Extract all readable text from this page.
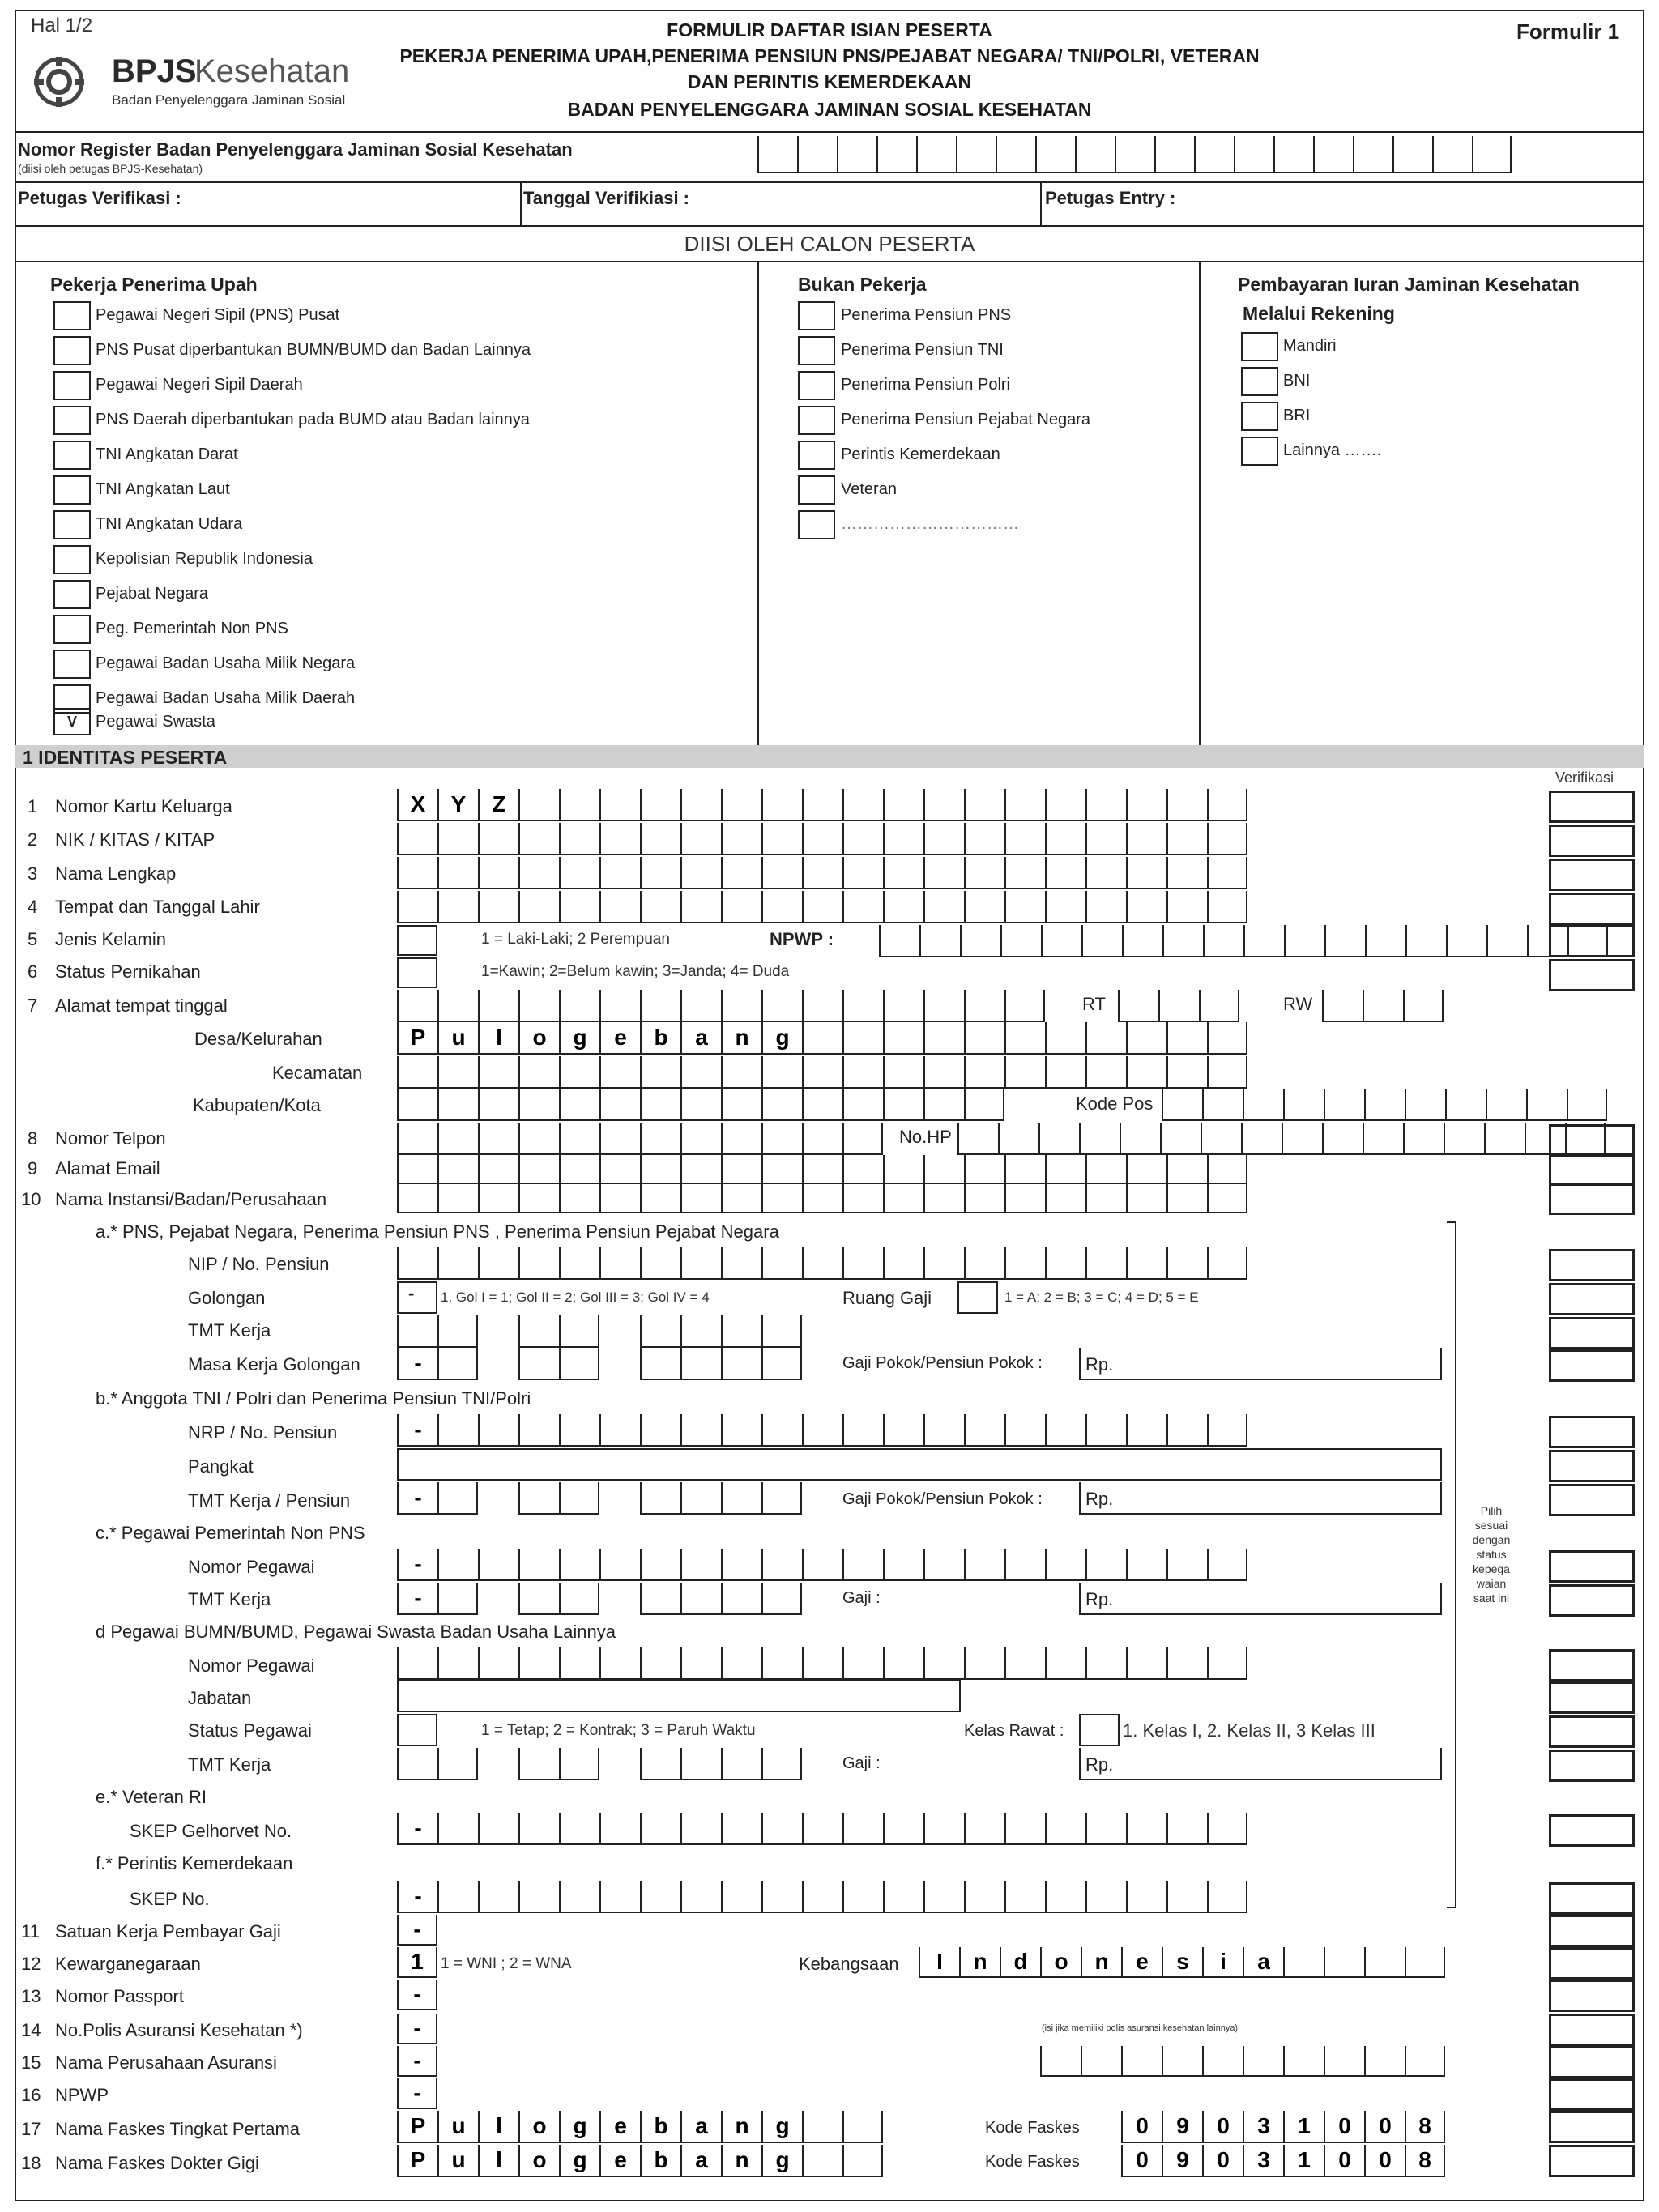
Hal 1/2	Formulir 1
BPJS
Kesehatan
Badan Penyelenggara Jaminan Sosial
FORMULIR DAFTAR ISIAN PESERTA
PEKERJA PENERIMA UPAH,PENERIMA PENSIUN PNS/PEJABAT NEGARA/ TNI/POLRI, VETERAN
DAN PERINTIS KEMERDEKAAN
BADAN PENYELENGGARA JAMINAN SOSIAL KESEHATAN
Nomor Register Badan Penyelenggara Jaminan Sosial Kesehatan
(diisi oleh petugas BPJS-Kesehatan)
Petugas Verifikasi :	Tanggal Verifikiasi :	Petugas Entry :
DIISI OLEH CALON PESERTA
Pekerja Penerima Upah
Pegawai Negeri Sipil (PNS) Pusat
PNS Pusat diperbantukan BUMN/BUMD dan Badan Lainnya
Pegawai Negeri Sipil Daerah
PNS Daerah diperbantukan pada BUMD atau Badan lainnya
TNI Angkatan Darat
TNI Angkatan Laut
TNI Angkatan Udara
Kepolisian Republik Indonesia
Pejabat Negara
Peg. Pemerintah Non PNS
Pegawai Badan Usaha Milik Negara
Pegawai Badan Usaha Milik Daerah
V	Pegawai Swasta
Bukan Pekerja
Penerima Pensiun PNS
Penerima Pensiun TNI
Penerima Pensiun Polri
Penerima Pensiun Pejabat Negara
Perintis Kemerdekaan
Veteran
……………………………
Pembayaran Iuran Jaminan Kesehatan
Melalui Rekening
Mandiri
BNI
BRI
Lainnya …….
1 IDENTITAS PESERTA
Verifikasi
1 Nomor Kartu Keluarga	X	Y	Z
2 NIK / KITAS / KITAP
3 Nama Lengkap
4 Tempat dan Tanggal Lahir
5 Jenis Kelamin	1 = Laki-Laki; 2 Perempuan	NPWP :
6 Status Pernikahan	1=Kawin; 2=Belum kawin; 3=Janda; 4= Duda
7 Alamat tempat tinggal	RT	RW
Desa/Kelurahan	P	u	l	o	g	e	b	a	n	g
Kecamatan
Kabupaten/Kota	Kode Pos
8 Nomor Telpon	No.HP
9 Alamat Email
10 Nama Instansi/Badan/Perusahaan
a.* PNS, Pejabat Negara, Penerima Pensiun PNS , Penerima Pensiun Pejabat Negara
NIP / No. Pensiun
Golongan	- 1. Gol I = 1; Gol II = 2; Gol III = 3; Gol IV = 4	Ruang Gaji	1 = A; 2 = B; 3 = C; 4 = D; 5 = E
TMT Kerja
Masa Kerja Golongan	-	Gaji Pokok/Pensiun Pokok : Rp.
b.* Anggota TNI / Polri dan Penerima Pensiun TNI/Polri
NRP / No. Pensiun	-
Pangkat
TMT Kerja / Pensiun	-	Gaji Pokok/Pensiun Pokok : Rp.
c.* Pegawai Pemerintah Non PNS
Nomor Pegawai	-
TMT Kerja	-	Gaji :	Rp.
d Pegawai BUMN/BUMD, Pegawai Swasta Badan Usaha Lainnya
Nomor Pegawai
Jabatan
Status Pegawai	1 = Tetap; 2 = Kontrak; 3 = Paruh Waktu	Kelas Rawat :	1. Kelas I, 2. Kelas II, 3 Kelas III
TMT Kerja	Gaji :	Rp.
e.* Veteran RI
SKEP Gelhorvet No.	-
f.* Perintis Kemerdekaan
SKEP No.	-
Pilih
sesuai
dengan
status
kepega
waian
saat ini
11 Satuan Kerja Pembayar Gaji	-
12 Kewarganegaraan	1	1 = WNI ; 2 = WNA	Kebangsaan	I	n	d	o	n	e	s	i	a
13 Nomor Passport	-
14 No.Polis Asuransi Kesehatan *)	-	(isi jika memiliki polis asuransi kesehatan lainnya)
15 Nama Perusahaan Asuransi	-
16 NPWP	-
17 Nama Faskes Tingkat Pertama	P	u	l	o	g	e	b	a	n	g	Kode Faskes	0	9	0	3	1	0	0	8
18 Nama Faskes Dokter Gigi	P	u	l	o	g	e	b	a	n	g	Kode Faskes	0	9	0	3	1	0	0	8
